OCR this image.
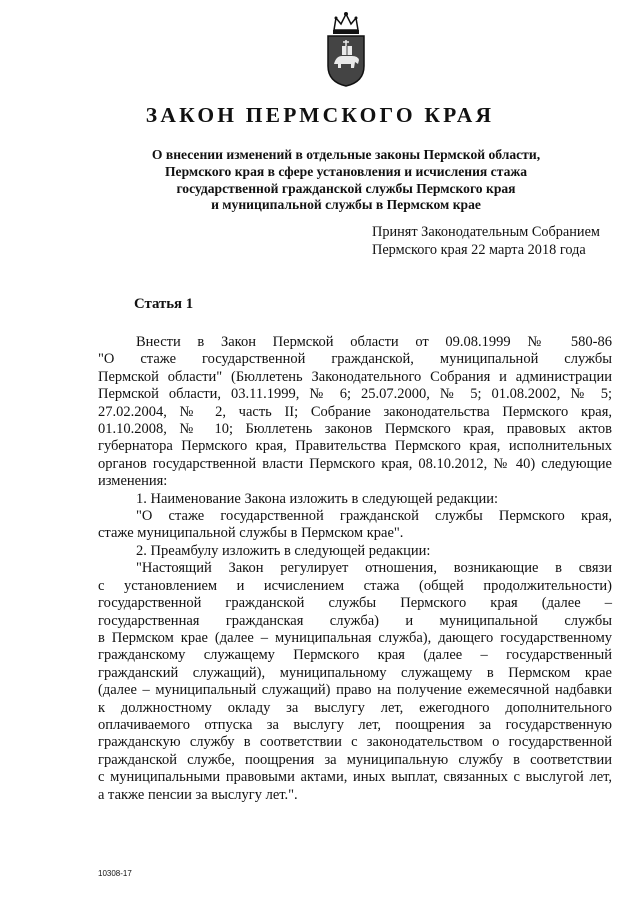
ЗАКОН ПЕРМСКОГО КРАЯ
О внесении изменений в отдельные законы Пермской области,
Пермского края в сфере установления и исчисления стажа
государственной гражданской службы Пермского края
и муниципальной службы в Пермском крае
Принят Законодательным Собранием
Пермского края 22 марта 2018 года
Статья 1

Внести в Закон Пермской области от 09.08.1999 № 580-86

"О стаже государственной гражданской, муниципальной службы

Пермской области" (Бюллетень Законодательного Собрания и администрации

Пермской области, 03.11.1999, № 6; 25.07.2000, № 5; 01.08.2002, № 5;

27.02.2004, № 2, часть II; Собрание законодательства Пермского края,

01.10.2008, № 10; Бюллетень законов Пермского края, правовых актов

губернатора Пермского края, Правительства Пермского края, исполнительных

органов государственной власти Пермского края, 08.10.2012, № 40) следующие

изменения:

1. Наименование Закона изложить в следующей редакции:

"О стаже государственной гражданской службы Пермского края,

стаже муниципальной службы в Пермском крае".

2. Преамбулу изложить в следующей редакции:

"Настоящий Закон регулирует отношения, возникающие в связи

с установлением и исчислением стажа (общей продолжительности)

государственной гражданской службы Пермского края (далее –

государственная гражданская служба) и муниципальной службы

в Пермском крае (далее – муниципальная служба), дающего государственному

гражданскому служащему Пермского края (далее – государственный

гражданский служащий), муниципальному служащему в Пермском крае

(далее – муниципальный служащий) право на получение ежемесячной надбавки

к должностному окладу за выслугу лет, ежегодного дополнительного

оплачиваемого отпуска за выслугу лет, поощрения за государственную

гражданскую службу в соответствии с законодательством о государственной

гражданской службе, поощрения за муниципальную службу в соответствии

с муниципальными правовыми актами, иных выплат, связанных с выслугой лет,

а также пенсии за выслугу лет.".

10308-17
